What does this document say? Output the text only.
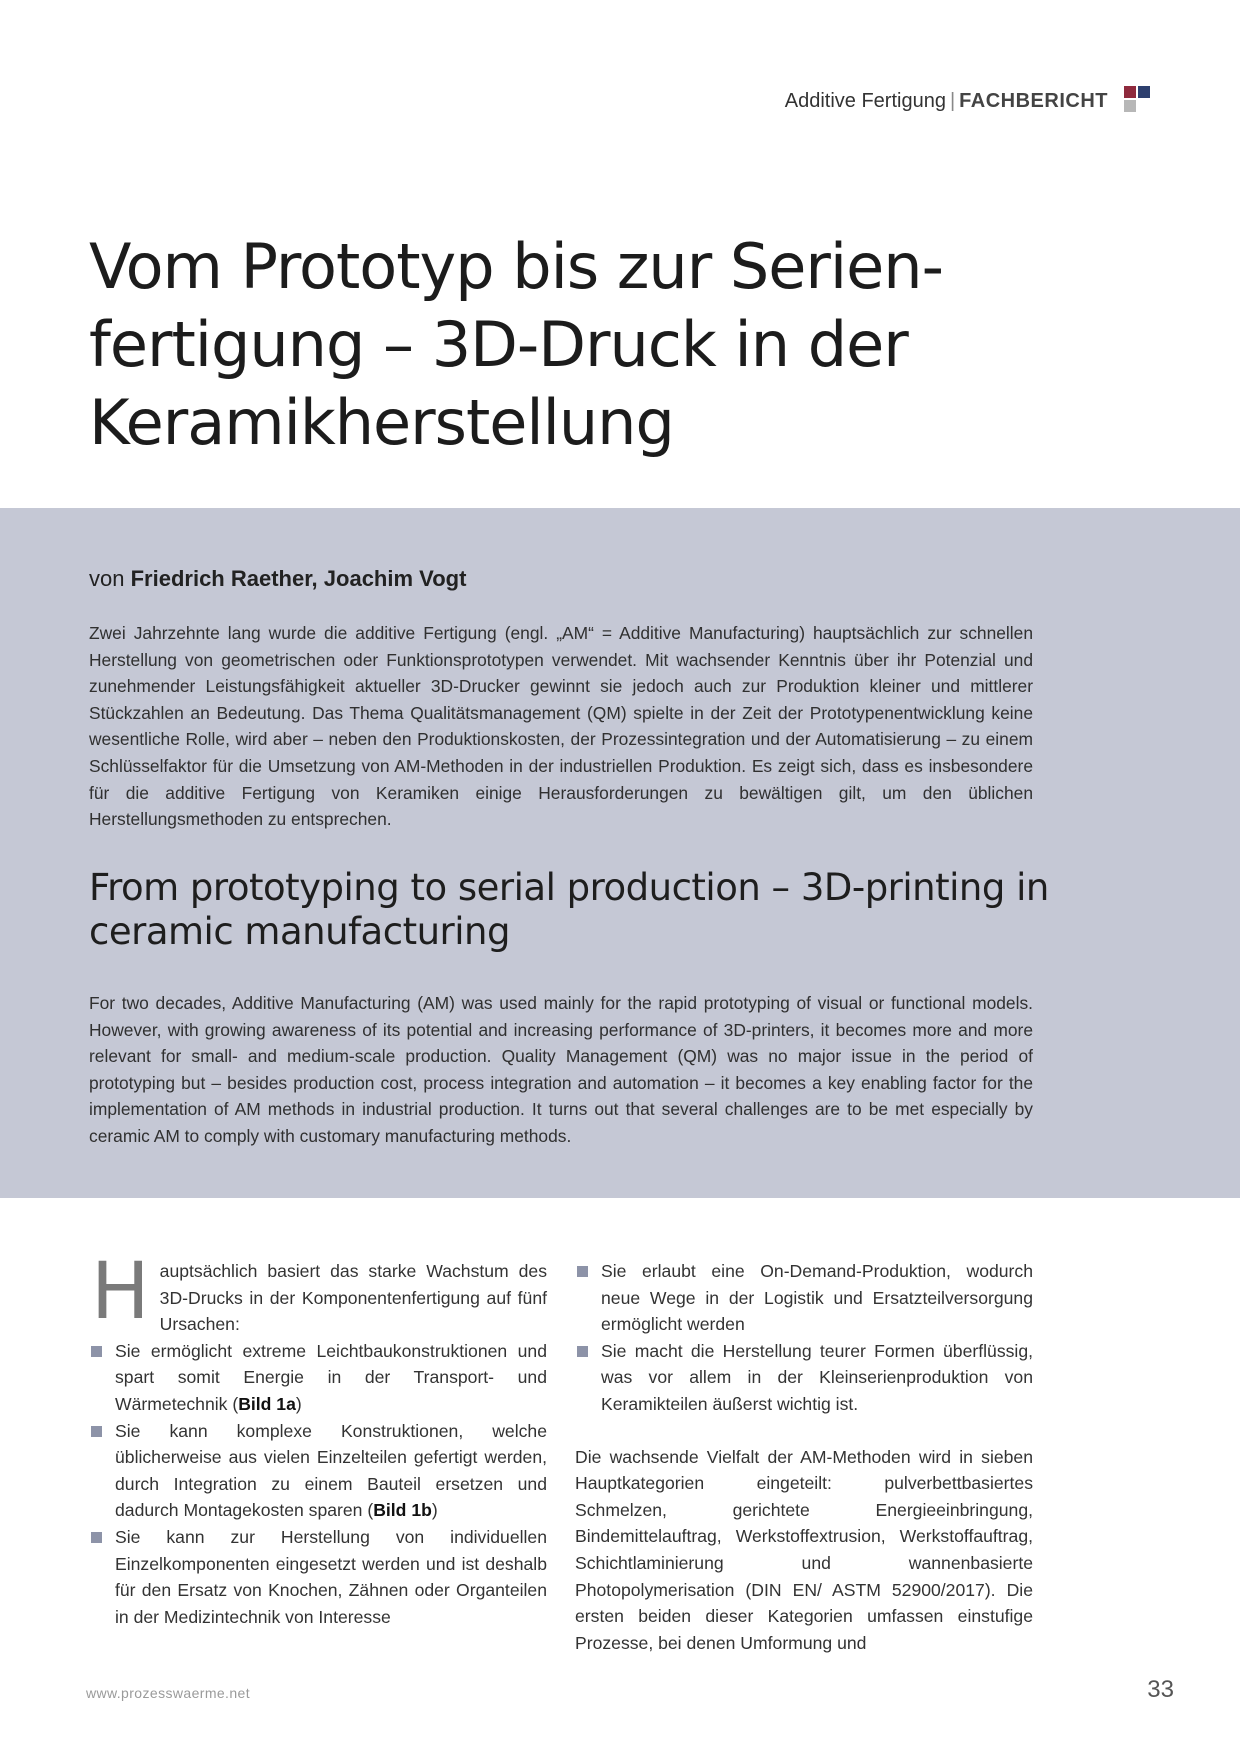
Additive Fertigung | FACHBERICHT
Vom Prototyp bis zur Serien-
fertigung – 3D-Druck in der
Keramikherstellung
von Friedrich Raether, Joachim Vogt

Zwei Jahrzehnte lang wurde die additive Fertigung (engl. „AM“ = Additive Manufacturing) hauptsächlich zur schnellen Herstellung von geometrischen oder Funktionsprototypen verwendet. Mit wachsender Kenntnis über ihr Potenzial und zunehmender Leistungsfähigkeit aktueller 3D-Drucker gewinnt sie jedoch auch zur Produktion kleiner und mittlerer Stückzahlen an Bedeutung. Das Thema Qualitätsmanagement (QM) spielte in der Zeit der Prototypenentwicklung keine wesentliche Rolle, wird aber – neben den Produktionskosten, der Prozessintegration und der Automatisierung – zu einem Schlüsselfaktor für die Umsetzung von AM-Methoden in der industriellen Produktion. Es zeigt sich, dass es insbesondere für die additive Fertigung von Keramiken einige Herausforderungen zu bewältigen gilt, um den üblichen Herstellungsmethoden zu entsprechen.

From prototyping to serial production – 3D-printing in
ceramic manufacturing

For two decades, Additive Manufacturing (AM) was used mainly for the rapid prototyping of visual or functional models. However, with growing awareness of its potential and increasing performance of 3D-printers, it becomes more and more relevant for small- and medium-scale production. Quality Management (QM) was no major issue in the period of prototyping but – besides production cost, process integration and automation – it becomes a key enabling factor for the implementation of AM methods in industrial production. It turns out that several challenges are to be met especially by ceramic AM to comply with customary manufacturing methods.

Hauptsächlich basiert das starke Wachstum des 3D-Drucks in der Komponentenfertigung auf fünf Ursachen:

Sie ermöglicht extreme Leichtbaukonstruktionen und spart somit Energie in der Transport- und Wärmetechnik (Bild 1a)
Sie kann komplexe Konstruktionen, welche üblicherweise aus vielen Einzelteilen gefertigt werden, durch Integration zu einem Bauteil ersetzen und dadurch Montagekosten sparen (Bild 1b)
Sie kann zur Herstellung von individuellen Einzelkomponenten eingesetzt werden und ist deshalb für den Ersatz von Knochen, Zähnen oder Organteilen in der Medizintechnik von Interesse
Sie erlaubt eine On-Demand-Produktion, wodurch neue Wege in der Logistik und Ersatzteilversorgung ermöglicht werden
Sie macht die Herstellung teurer Formen überflüssig, was vor allem in der Kleinserienproduktion von Keramikteilen äußerst wichtig ist.

Die wachsende Vielfalt der AM-Methoden wird in sieben Hauptkategorien eingeteilt: pulverbettbasiertes Schmelzen, gerichtete Energieeinbringung, Bindemittelauftrag, Werkstoffextrusion, Werkstoffauftrag, Schichtlaminierung und wannenbasierte Photopolymerisation (DIN EN/ ASTM 52900/2017). Die ersten beiden dieser Kategorien umfassen einstufige Prozesse, bei denen Umformung und

www.prozesswaerme.net	33
